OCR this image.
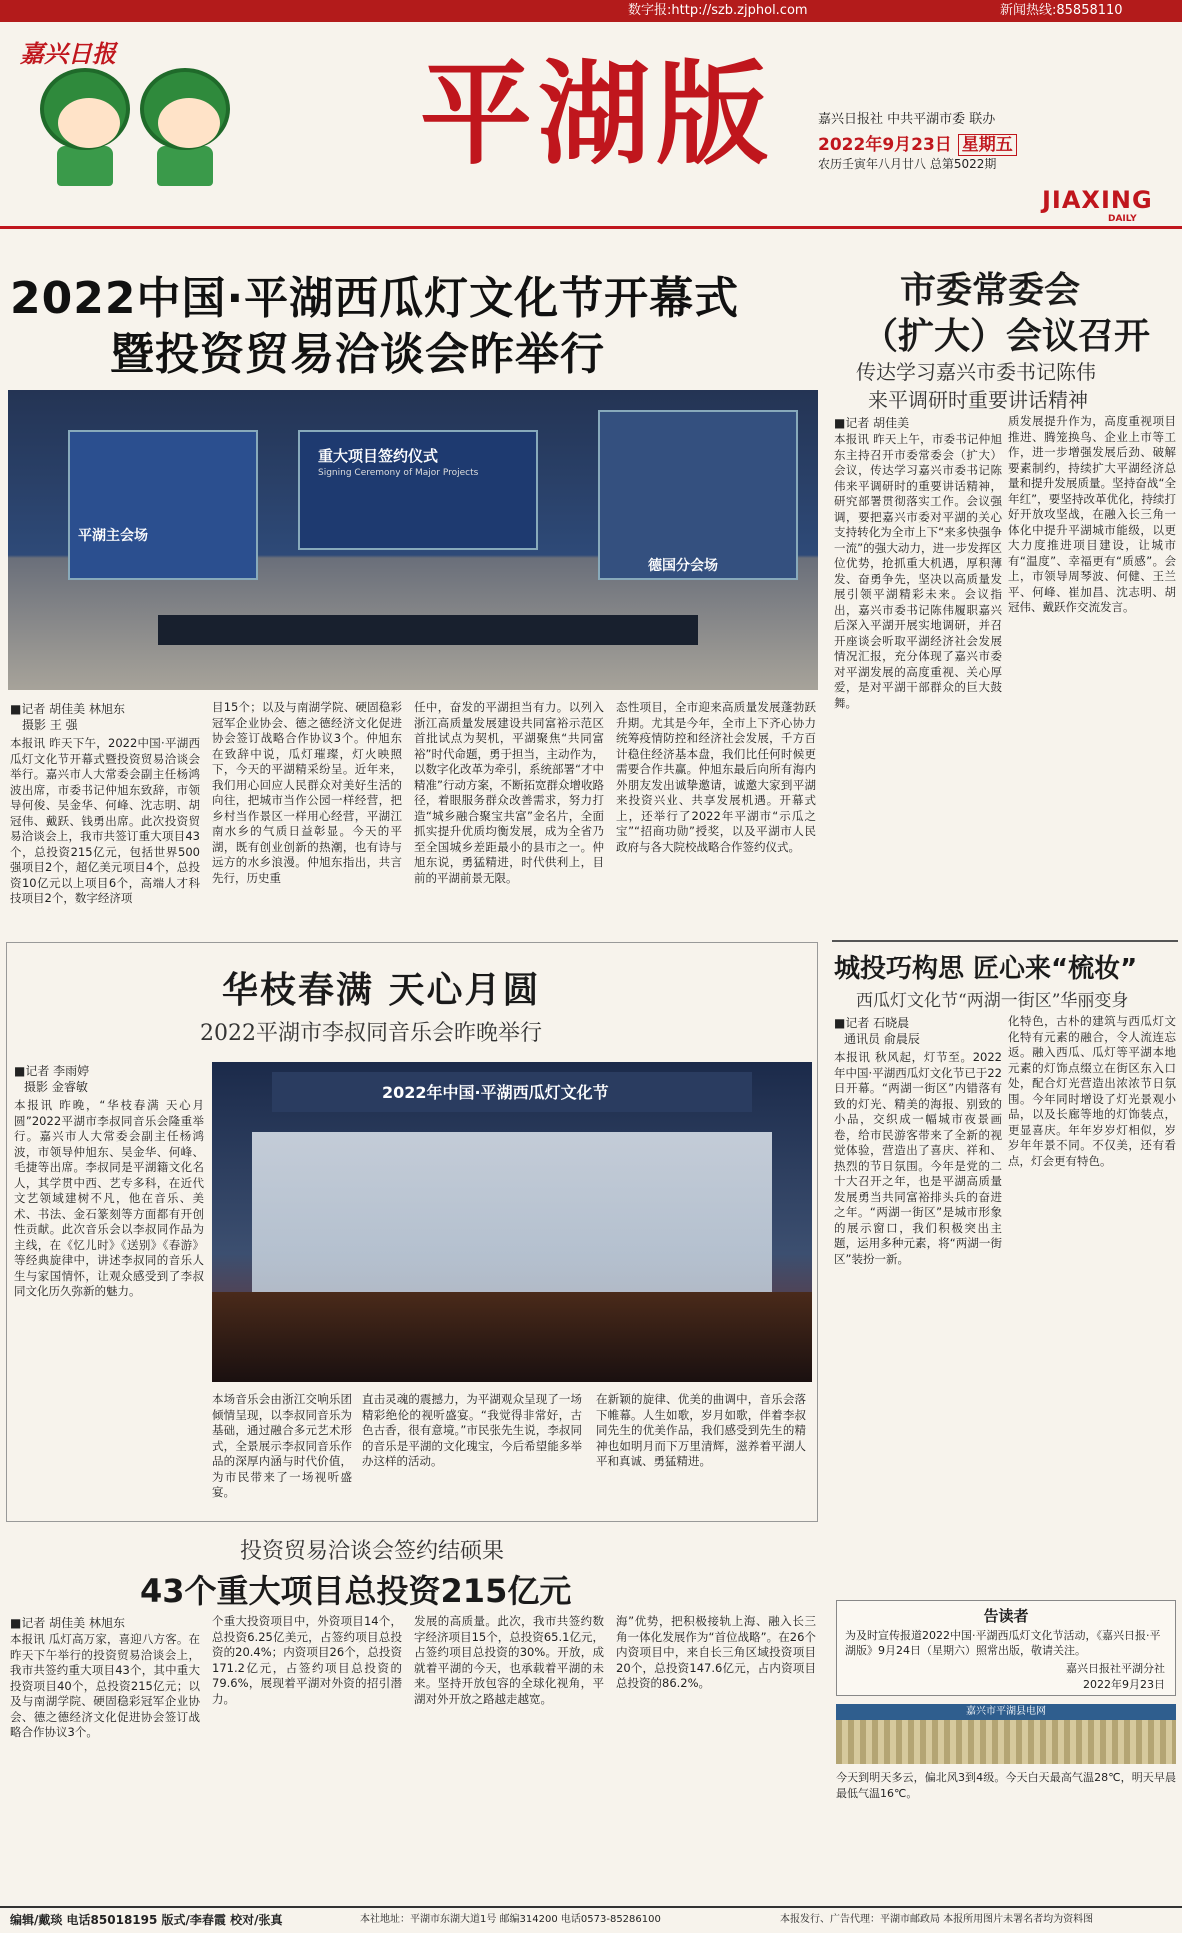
数字报:http://szb.zjphol.com	新闻热线:85858110
嘉兴日报	平湖版	嘉兴日报社 中共平湖市委 联办
2022年9月23日 星期五
农历壬寅年八月廿八 总第5022期
JIAXING
DAILY
2022中国·平湖西瓜灯文化节开幕式
暨投资贸易洽谈会昨举行
平湖主会场
重大项目签约仪式
Signing Ceremony of Major Projects
德国分会场
■记者 胡佳美 林旭东
摄影 王 强
本报讯 昨天下午，2022中国·平湖西瓜灯文化节开幕式暨投资贸易洽谈会举行。嘉兴市人大常委会副主任杨鸿波出席，市委书记仲旭东致辞，市领导何俊、吴金华、何峰、沈志明、胡冠伟、戴跃、钱勇出席。此次投资贸易洽谈会上，我市共签订重大项目43个，总投资215亿元，包括世界500强项目2个，超亿美元项目4个，总投资10亿元以上项目6个，高端人才科技项目2个，数字经济项
目15个；以及与南湖学院、硬固稳彩冠军企业协会、德之德经济文化促进协会签订战略合作协议3个。仲旭东在致辞中说，瓜灯璀璨，灯火映照下，今天的平湖精采纷呈。近年来，我们用心回应人民群众对美好生活的向往，把城市当作公园一样经营，把乡村当作景区一样用心经营，平湖江南水乡的气质日益彰显。今天的平湖，既有创业创新的热潮，也有诗与远方的水乡浪漫。仲旭东指出，共言先行，历史重
任中，奋发的平湖担当有力。以列入浙江高质量发展建设共同富裕示范区首批试点为契机，平湖聚焦“共同富裕”时代命题，勇于担当，主动作为，以数字化改革为牵引，系统部署“才中精准”行动方案，不断拓宽群众增收路径，着眼服务群众改善需求，努力打造“城乡融合聚宝共富”金名片，全面抓实提升优质均衡发展，成为全省乃至全国城乡差距最小的县市之一。仲旭东说，勇猛精进，时代供利上，目前的平湖前景无限。
态性项目，全市迎来高质量发展蓬勃跃升期。尤其是今年，全市上下齐心协力统筹疫情防控和经济社会发展，千方百计稳住经济基本盘，我们比任何时候更需要合作共赢。仲旭东最后向所有海内外朋友发出诚挚邀请，诚邀大家到平湖来投资兴业、共享发展机遇。开幕式上，还举行了2022年平湖市“示瓜之宝”“招商功勋”授奖，以及平湖市人民政府与各大院校战略合作签约仪式。
华枝春满 天心月圆
2022平湖市李叔同音乐会昨晚举行
■记者 李雨婷
摄影 金睿敏
本报讯 昨晚，“华枝春满 天心月圆”2022平湖市李叔同音乐会隆重举行。嘉兴市人大常委会副主任杨鸿波，市领导仲旭东、吴金华、何峰、毛捷等出席。李叔同是平湖籍文化名人，其学贯中西、艺专多科，在近代文艺领域建树不凡，他在音乐、美术、书法、金石篆刻等方面都有开创性贡献。此次音乐会以李叔同作品为主线，在《忆儿时》《送别》《春游》等经典旋律中，讲述李叔同的音乐人生与家国情怀，让观众感受到了李叔同文化历久弥新的魅力。
2022年中国·平湖西瓜灯文化节
本场音乐会由浙江交响乐团倾情呈现，以李叔同音乐为基础，通过融合多元艺术形式，全景展示李叔同音乐作品的深厚内涵与时代价值，为市民带来了一场视听盛宴。
直击灵魂的震撼力，为平湖观众呈现了一场精彩绝伦的视听盛宴。“我觉得非常好，古色古香，很有意境。”市民张先生说，李叔同的音乐是平湖的文化瑰宝，今后希望能多举办这样的活动。
在新颖的旋律、优美的曲调中，音乐会落下帷幕。人生如歌，岁月如歌，伴着李叔同先生的优美作品，我们感受到先生的精神也如明月而下万里清辉，滋养着平湖人平和真诚、勇猛精进。
投资贸易洽谈会签约结硕果
43个重大项目总投资215亿元
■记者 胡佳美 林旭东
本报讯 瓜灯高万家，喜迎八方客。在昨天下午举行的投资贸易洽谈会上，我市共签约重大项目43个，其中重大投资项目40个，总投资215亿元；以及与南湖学院、硬固稳彩冠军企业协会、德之德经济文化促进协会签订战略合作协议3个。
个重大投资项目中，外资项目14个，总投资6.25亿美元，占签约项目总投资的20.4%；内资项目26个，总投资171.2亿元，占签约项目总投资的79.6%，展现着平湖对外资的招引潜力。
发展的高质量。此次，我市共签约数字经济项目15个，总投资65.1亿元，占签约项目总投资的30%。开放，成就着平湖的今天，也承载着平湖的未来。坚持开放包容的全球化视角，平湖对外开放之路越走越宽。
海”优势，把积极接轨上海、融入长三角一体化发展作为“首位战略”。在26个内资项目中，来自长三角区域投资项目20个，总投资147.6亿元，占内资项目总投资的86.2%。
市委常委会
（扩大）会议召开
传达学习嘉兴市委书记陈伟
来平调研时重要讲话精神
■记者 胡佳美
本报讯 昨天上午，市委书记仲旭东主持召开市委常委会（扩大）会议，传达学习嘉兴市委书记陈伟来平调研时的重要讲话精神，研究部署贯彻落实工作。会议强调，要把嘉兴市委对平湖的关心支持转化为全市上下“来多快强争一流”的强大动力，进一步发挥区位优势，抢抓重大机遇，厚积薄发、奋勇争先，坚决以高质量发展引领平湖精彩未来。会议指出，嘉兴市委书记陈伟履职嘉兴后深入平湖开展实地调研，并召开座谈会听取平湖经济社会发展情况汇报，充分体现了嘉兴市委对平湖发展的高度重视、关心厚爱，是对平湖干部群众的巨大鼓舞。
质发展提升作为，高度重视项目推进、腾笼换鸟、企业上市等工作，进一步增强发展后劲、破解要素制约，持续扩大平湖经济总量和提升发展质量。坚持奋战“全年红”，要坚持改革优化，持续打好开放攻坚战，在融入长三角一体化中提升平湖城市能级，以更大力度推进项目建设，让城市有“温度”、幸福更有“质感”。会上，市领导周琴波、何健、王兰平、何峰、崔加昌、沈志明、胡冠伟、戴跃作交流发言。
城投巧构思 匠心来“梳妆”
西瓜灯文化节“两湖一街区”华丽变身
■记者 石晓晨
通讯员 俞晨辰
本报讯 秋风起，灯节至。2022年中国·平湖西瓜灯文化节已于22日开幕。“两湖一街区”内错落有致的灯光、精美的海报、别致的小品，交织成一幅城市夜景画卷，给市民游客带来了全新的视觉体验，营造出了喜庆、祥和、热烈的节日氛围。今年是党的二十大召开之年，也是平湖高质量发展勇当共同富裕排头兵的奋进之年。“两湖一街区”是城市形象的展示窗口，我们积极突出主题，运用多种元素，将“两湖一街区”装扮一新。
化特色，古朴的建筑与西瓜灯文化特有元素的融合，令人流连忘返。融入西瓜、瓜灯等平湖本地元素的灯饰点缀立在街区东入口处，配合灯光营造出浓浓节日氛围。今年同时增设了灯光景观小品，以及长廊等地的灯饰装点，更显喜庆。年年岁岁灯相似，岁岁年年景不同。不仅美，还有看点，灯会更有特色。
告读者
为及时宣传报道2022中国·平湖西瓜灯文化节活动，《嘉兴日报·平湖版》9月24日（星期六）照常出版，敬请关注。
嘉兴日报社平湖分社
2022年9月23日
嘉兴市平湖县电网
今天到明天多云，偏北风3到4级。今天白天最高气温28℃，明天早晨最低气温16℃。
编辑/戴琰 电话85018195 版式/李春霞 校对/张真	本社地址：平湖市东湖大道1号 邮编314200 电话0573-85286100	本报发行、广告代理：平湖市邮政局 本报所用图片未署名者均为资料图
